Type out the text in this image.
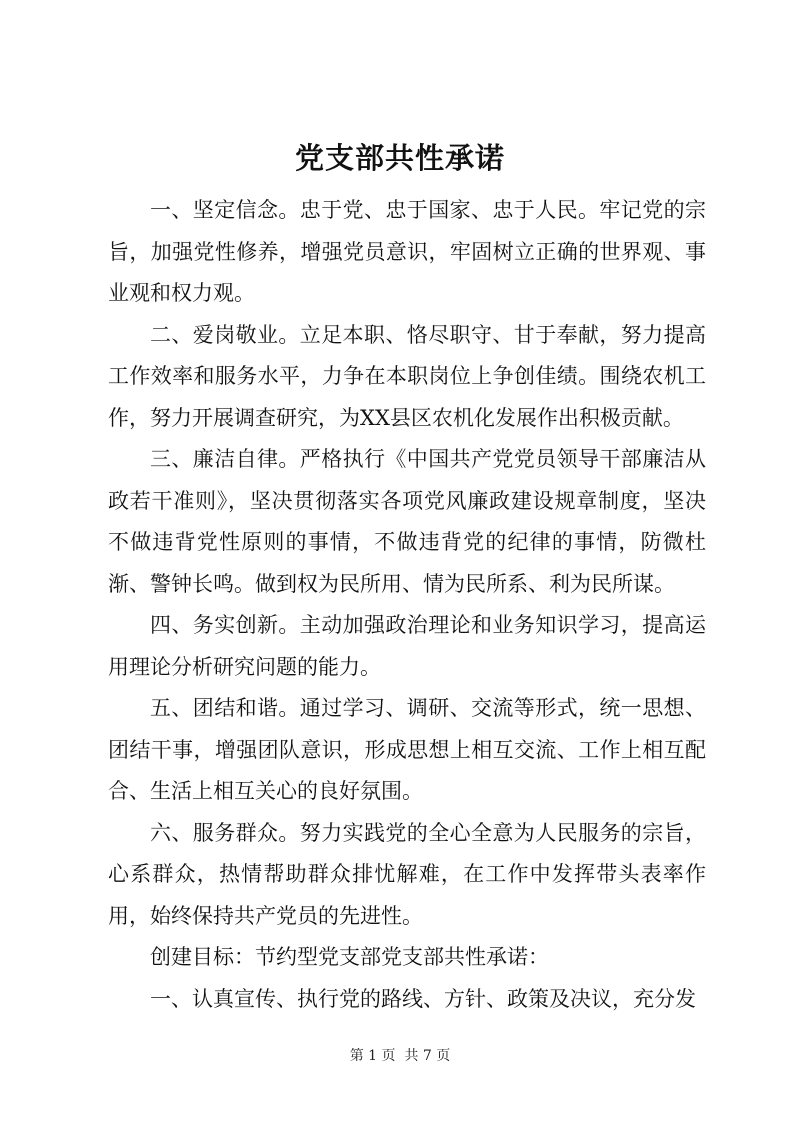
党支部共性承诺

一、坚定信念。忠于党、忠于国家、忠于人民。牢记党的宗旨，加强党性修养，增强党员意识，牢固树立正确的世界观、事业观和权力观。

二、爱岗敬业。立足本职、恪尽职守、甘于奉献，努力提高工作效率和服务水平，力争在本职岗位上争创佳绩。围绕农机工作，努力开展调查研究，为XX县区农机化发展作出积极贡献。

三、廉洁自律。严格执行《中国共产党党员领导干部廉洁从政若干准则》，坚决贯彻落实各项党风廉政建设规章制度，坚决不做违背党性原则的事情，不做违背党的纪律的事情，防微杜渐、警钟长鸣。做到权为民所用、情为民所系、利为民所谋。

四、务实创新。主动加强政治理论和业务知识学习，提高运用理论分析研究问题的能力。

五、团结和谐。通过学习、调研、交流等形式，统一思想、团结干事，增强团队意识，形成思想上相互交流、工作上相互配合、生活上相互关心的良好氛围。

六、服务群众。努力实践党的全心全意为人民服务的宗旨，心系群众，热情帮助群众排忧解难，在工作中发挥带头表率作用，始终保持共产党员的先进性。

创建目标：节约型党支部党支部共性承诺：

一、认真宣传、执行党的路线、方针、政策及决议，充分发

第 1 页 共 7 页
